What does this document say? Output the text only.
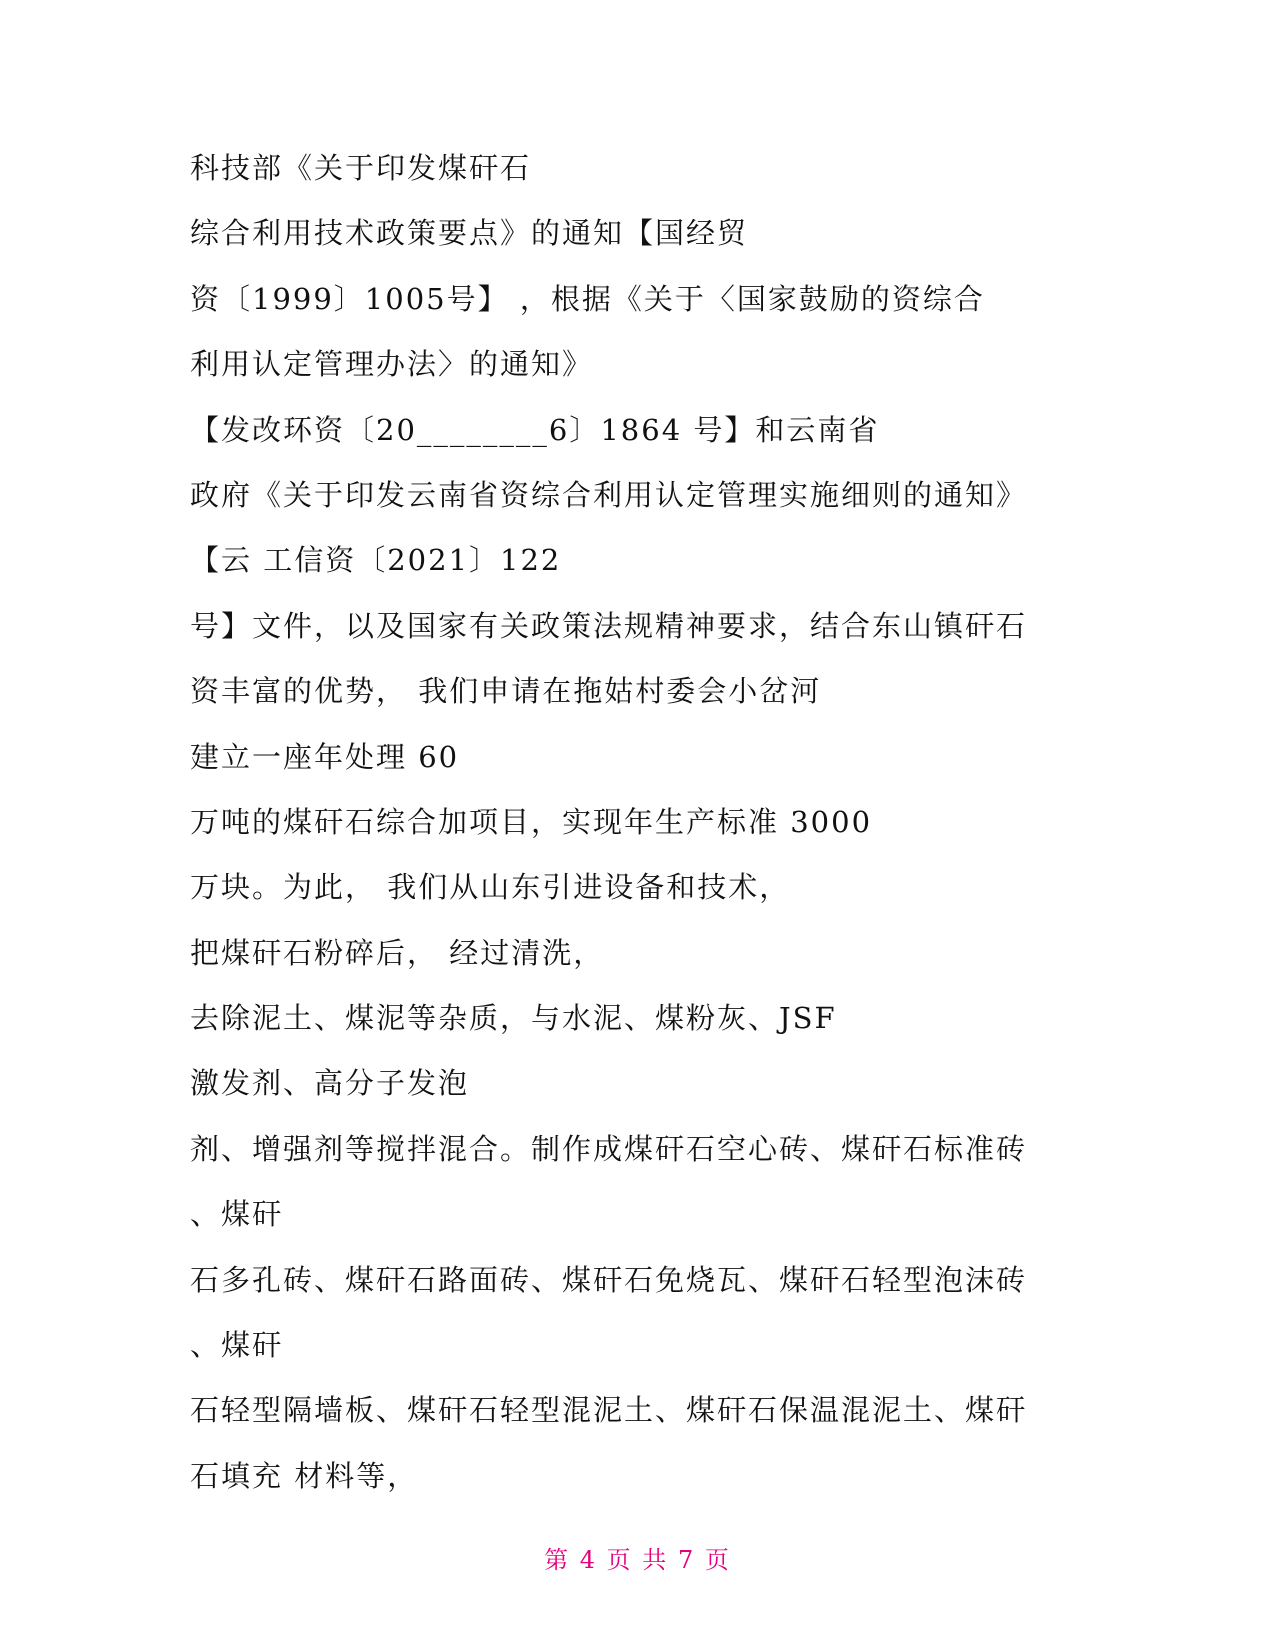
科技部《关于印发煤矸石
综合利用技术政策要点》的通知【国经贸
资〔1999〕1005号】 ，根据《关于〈国家鼓励的资综合
利用认定管理办法〉的通知》
【发改环资〔20________6〕1864 号】和云南省
政府《关于印发云南省资综合利用认定管理实施细则的通知》
【云 工信资〔2021〕122
号】文件，以及国家有关政策法规精神要求，结合东山镇矸石
资丰富的优势， 我们申请在拖姑村委会小岔河
建立一座年处理 60
万吨的煤矸石综合加项目，实现年生产标准 3000
万块。为此， 我们从山东引进设备和技术，
把煤矸石粉碎后， 经过清洗，
去除泥土、煤泥等杂质，与水泥、煤粉灰、JSF
激发剂、高分子发泡
剂、增强剂等搅拌混合。制作成煤矸石空心砖、煤矸石标准砖
、煤矸
石多孔砖、煤矸石路面砖、煤矸石免烧瓦、煤矸石轻型泡沫砖
、煤矸
石轻型隔墙板、煤矸石轻型混泥土、煤矸石保温混泥土、煤矸
石填充 材料等，
第 4 页 共 7 页
